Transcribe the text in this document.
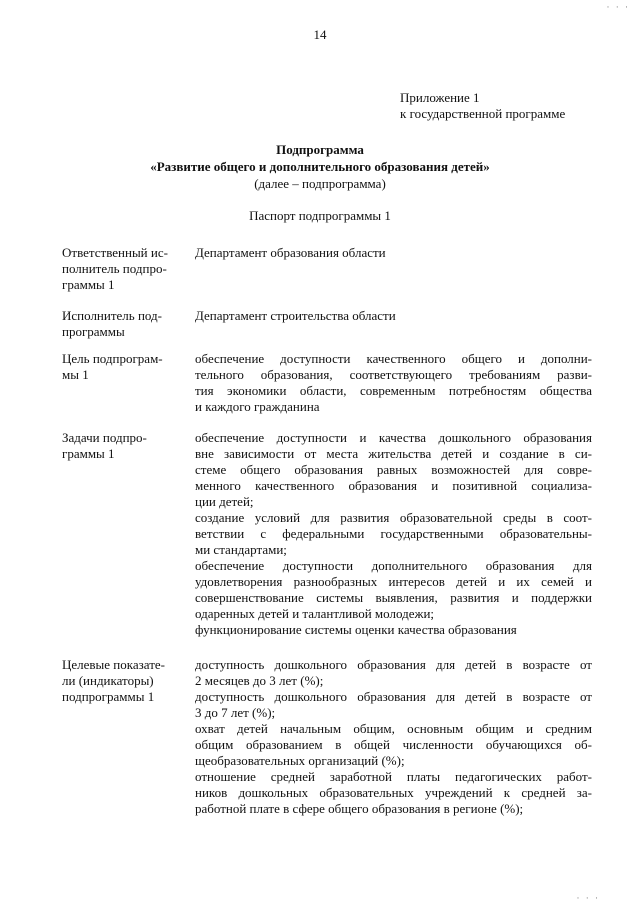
· · ·
· · ·
14
Приложение 1
к государственной программе
Подпрограмма
«Развитие общего и дополнительного образования детей»
(далее – подпрограмма)
Паспорт подпрограммы 1
Ответственный ис-
полнитель подпро-
граммы 1
Департамент образования области
Исполнитель под-
программы
Департамент строительства области
Цель подпрограм-
мы 1
обеспечение доступности качественного общего и дополни-
тельного образования, соответствующего требованиям разви-
тия экономики области, современным потребностям общества
и каждого гражданина
Задачи подпро-
граммы 1
обеспечение доступности и качества дошкольного образования
вне зависимости от места жительства детей и создание в си-
стеме общего образования равных возможностей для совре-
менного качественного образования и позитивной социализа-
ции детей;
создание условий для развития образовательной среды в соот-
ветствии с федеральными государственными образовательны-
ми стандартами;
обеспечение доступности дополнительного образования для
удовлетворения разнообразных интересов детей и их семей и
совершенствование системы выявления, развития и поддержки
одаренных детей и талантливой молодежи;
функционирование системы оценки качества образования
Целевые показате-
ли (индикаторы)
подпрограммы 1
доступность дошкольного образования для детей в возрасте от
2 месяцев до 3 лет (%);
доступность дошкольного образования для детей в возрасте от
3 до 7 лет (%);
охват детей начальным общим, основным общим и средним
общим образованием в общей численности обучающихся об-
щеобразовательных организаций (%);
отношение средней заработной платы педагогических работ-
ников дошкольных образовательных учреждений к средней за-
работной плате в сфере общего образования в регионе (%);
